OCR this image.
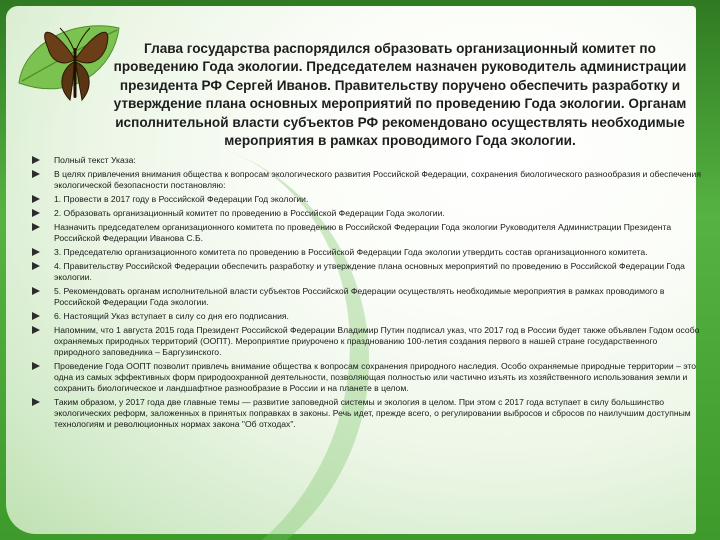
Глава государства распорядился образовать организационный комитет по проведению Года экологии. Председателем назначен руководитель администрации президента РФ Сергей Иванов. Правительству поручено обеспечить разработку и утверждение плана основных мероприятий по проведению Года экологии. Органам исполнительной власти субъектов РФ рекомендовано осуществлять необходимые мероприятия в рамках проводимого Года экологии.

Полный текст Указа:
В целях привлечения внимания общества к вопросам экологического развития Российской Федерации, сохранения биологического разнообразия и обеспечения экологической безопасности постановляю:
1. Провести в 2017 году в Российской Федерации Год экологии.
2. Образовать организационный комитет по проведению в Российской Федерации Года экологии.
Назначить председателем организационного комитета по проведению в Российской Федерации Года экологии Руководителя Администрации Президента Российской Федерации Иванова С.Б.
3. Председателю организационного комитета по проведению в Российской Федерации Года экологии утвердить состав организационного комитета.
4. Правительству Российской Федерации обеспечить разработку и утверждение плана основных мероприятий по проведению в Российской Федерации Года экологии.
5. Рекомендовать органам исполнительной власти субъектов Российской Федерации осуществлять необходимые мероприятия в рамках проводимого в Российской Федерации Года экологии.
6. Настоящий Указ вступает в силу со дня его подписания.
Напомним, что 1 августа 2015 года Президент Российской Федерации Владимир Путин подписал указ, что 2017 год в России будет также объявлен Годом особо охраняемых природных территорий (ООПТ). Мероприятие приурочено к празднованию 100-летия создания первого в нашей стране государственного природного заповедника – Баргузинского.
Проведение Года ООПТ позволит привлечь внимание общества к вопросам сохранения природного наследия. Особо охраняемые природные территории – это одна из самых эффективных форм природоохранной деятельности, позволяющая полностью или частично изъять из хозяйственного использования земли и сохранить биологическое и ландшафтное разнообразие в России и на планете в целом.
Таким образом, у 2017 года две главные темы — развитие заповедной системы и экология в целом. При этом с 2017 года вступает в силу большинство экологических реформ, заложенных в принятых поправках в законы. Речь идет, прежде всего, о регулировании выбросов и сбросов по наилучшим доступным технологиям и революционных нормах закона "Об отходах".
